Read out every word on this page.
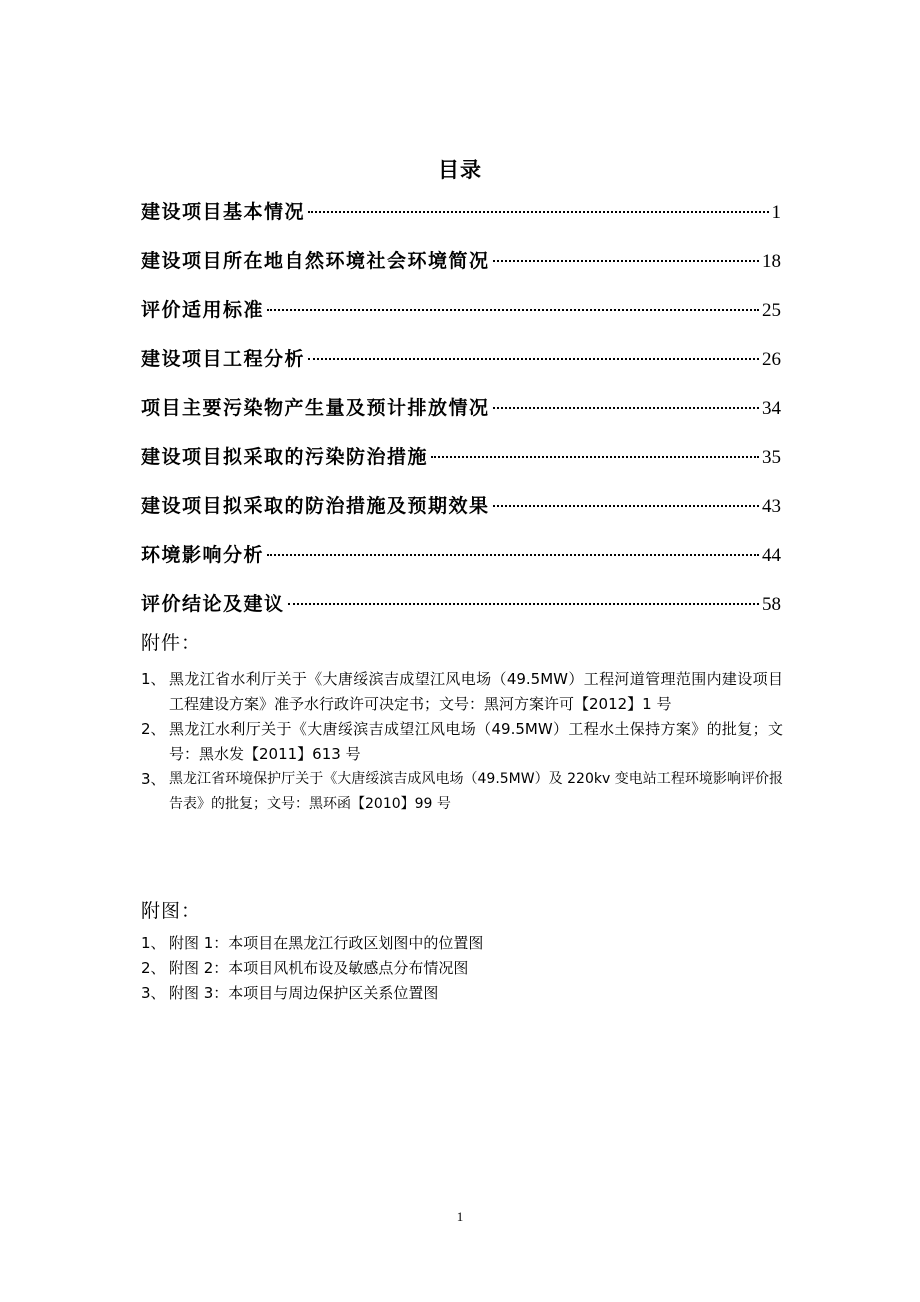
目录
建设项目基本情况	1
建设项目所在地自然环境社会环境简况	18
评价适用标准	25
建设项目工程分析	26
项目主要污染物产生量及预计排放情况	34
建设项目拟采取的污染防治措施	35
建设项目拟采取的防治措施及预期效果	43
环境影响分析	44
评价结论及建议	58
附件：
1、 黑龙江省水利厅关于《大唐绥滨吉成望江风电场（49.5MW）工程河道管理范围内建设项目工程建设方案》准予水行政许可决定书；文号：黑河方案许可【2012】1 号
2、 黑龙江水利厅关于《大唐绥滨吉成望江风电场（49.5MW）工程水土保持方案》的批复；文号：黑水发【2011】613 号
3、 黑龙江省环境保护厅关于《大唐绥滨吉成风电场（49.5MW）及 220kv 变电站工程环境影响评价报告表》的批复；文号：黑环函【2010】99 号
附图：
1、 附图 1：本项目在黑龙江行政区划图中的位置图
2、 附图 2：本项目风机布设及敏感点分布情况图
3、 附图 3：本项目与周边保护区关系位置图
1
